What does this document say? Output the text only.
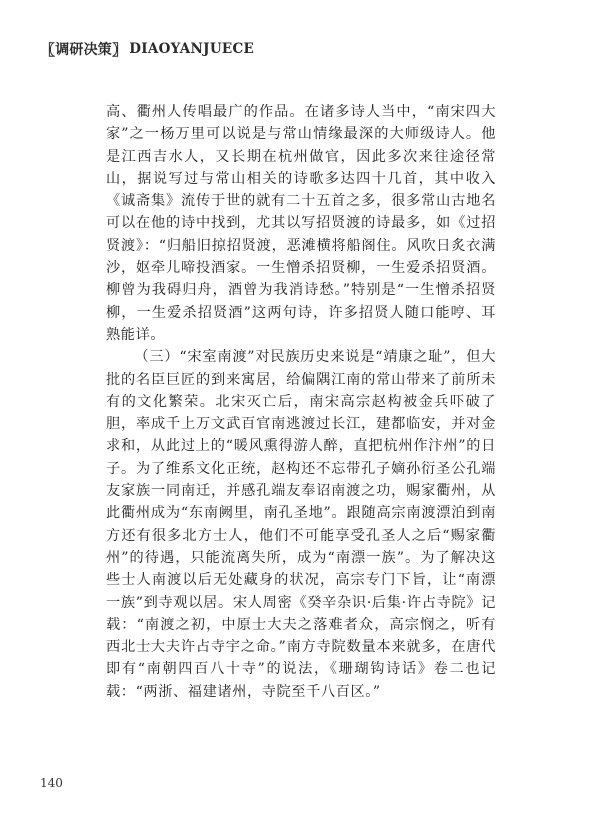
〖 调研决策 〗 DIAOYANJUECE

高、衢州人传唱最广的作品。在诸多诗人当中，“南宋四大家”之一杨万里可以说是与常山情缘最深的大师级诗人。他是江西吉水人，又长期在杭州做官，因此多次来往途径常山，据说写过与常山相关的诗歌多达四十几首，其中收入《诚斋集》流传于世的就有二十五首之多，很多常山古地名可以在他的诗中找到，尤其以写招贤渡的诗最多，如《过招贤渡》：“归船旧掠招贤渡，恶滩横将船阁住。风吹日炙衣满沙，妪牵儿啼投酒家。一生憎杀招贤柳，一生爱杀招贤酒。柳曾为我碍归舟，酒曾为我消诗愁。”特别是“一生憎杀招贤柳，一生爱杀招贤酒”这两句诗，许多招贤人随口能哼、耳熟能详。

（三）“宋室南渡”对民族历史来说是“靖康之耻”，但大批的名臣巨匠的到来寓居，给偏隅江南的常山带来了前所未有的文化繁荣。北宋灭亡后，南宋高宗赵构被金兵吓破了胆，率成千上万文武百官南逃渡过长江，建都临安，并对金求和，从此过上的“暖风熏得游人醉，直把杭州作汴州”的日子。为了维系文化正统，赵构还不忘带孔子嫡孙衍圣公孔端友家族一同南迁，并感孔端友奉诏南渡之功，赐家衢州，从此衢州成为“东南阙里，南孔圣地”。跟随高宗南渡漂泊到南方还有很多北方士人，他们不可能享受孔圣人之后“赐家衢州”的待遇，只能流离失所，成为“南漂一族”。为了解决这些士人南渡以后无处藏身的状况，高宗专门下旨，让“南漂一族”到寺观以居。宋人周密《癸辛杂识·后集·许占寺院》记载：“南渡之初，中原士大夫之落难者众，高宗悯之，听有西北士大夫许占寺宇之命。”南方寺院数量本来就多，在唐代即有“南朝四百八十寺”的说法，《珊瑚钩诗话》卷二也记载：“两浙、福建诸州，寺院至千八百区。”

140
